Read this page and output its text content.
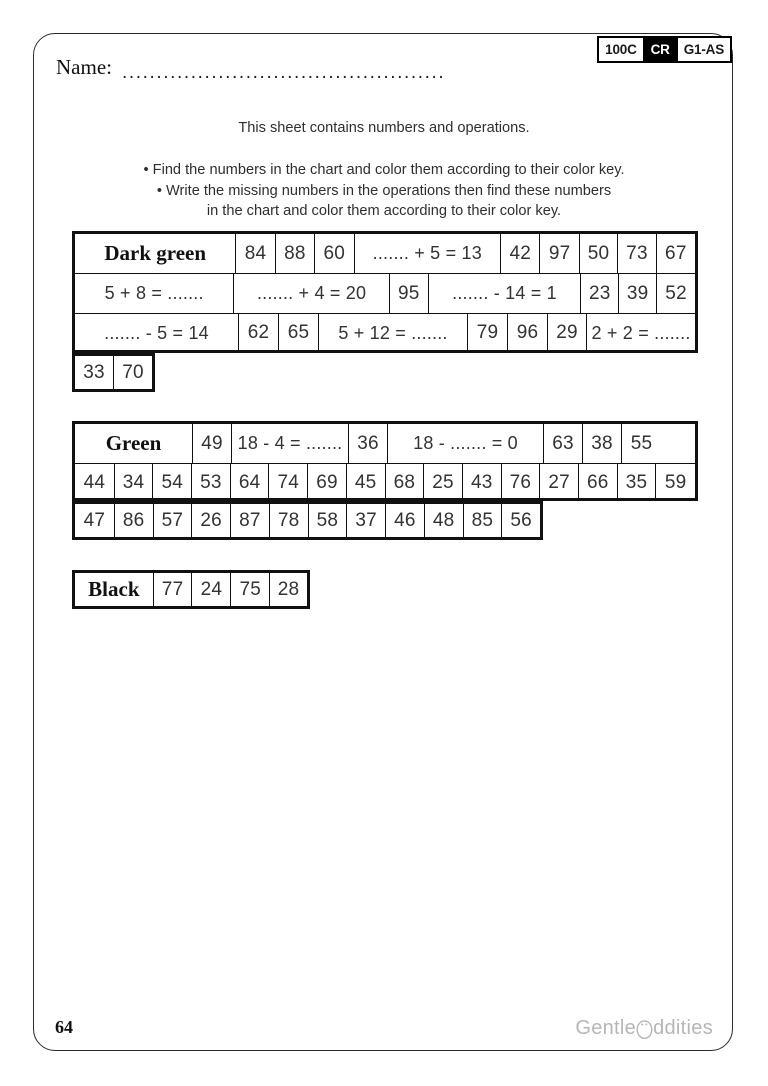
100C	CR	G1-AS
Name: ...............................................
This sheet contains numbers and operations.
• Find the numbers in the chart and color them according to their color key.
• Write the missing numbers in the operations then find these numbers
in the chart and color them according to their color key.
Dark green	84 88 60	....... + 5 = 13	42 97 50 73 67
5 + 8 = .......	....... + 4 = 20	95	....... - 14 = 1	23 39 52
....... - 5 = 14	62 65	5 + 12 = .......	79 96 29 2 + 2 = .......
33 70
Green	49 18 - 4 = ....... 36	18 - ....... = 0	63 38 55
44 34 54 53 64 74 69 45 68 25 43 76 27 66 35 59
47 86 57 26 87 78 58 37 46 48 85 56
Black	77 24 75 28
64	Gentle ddities
